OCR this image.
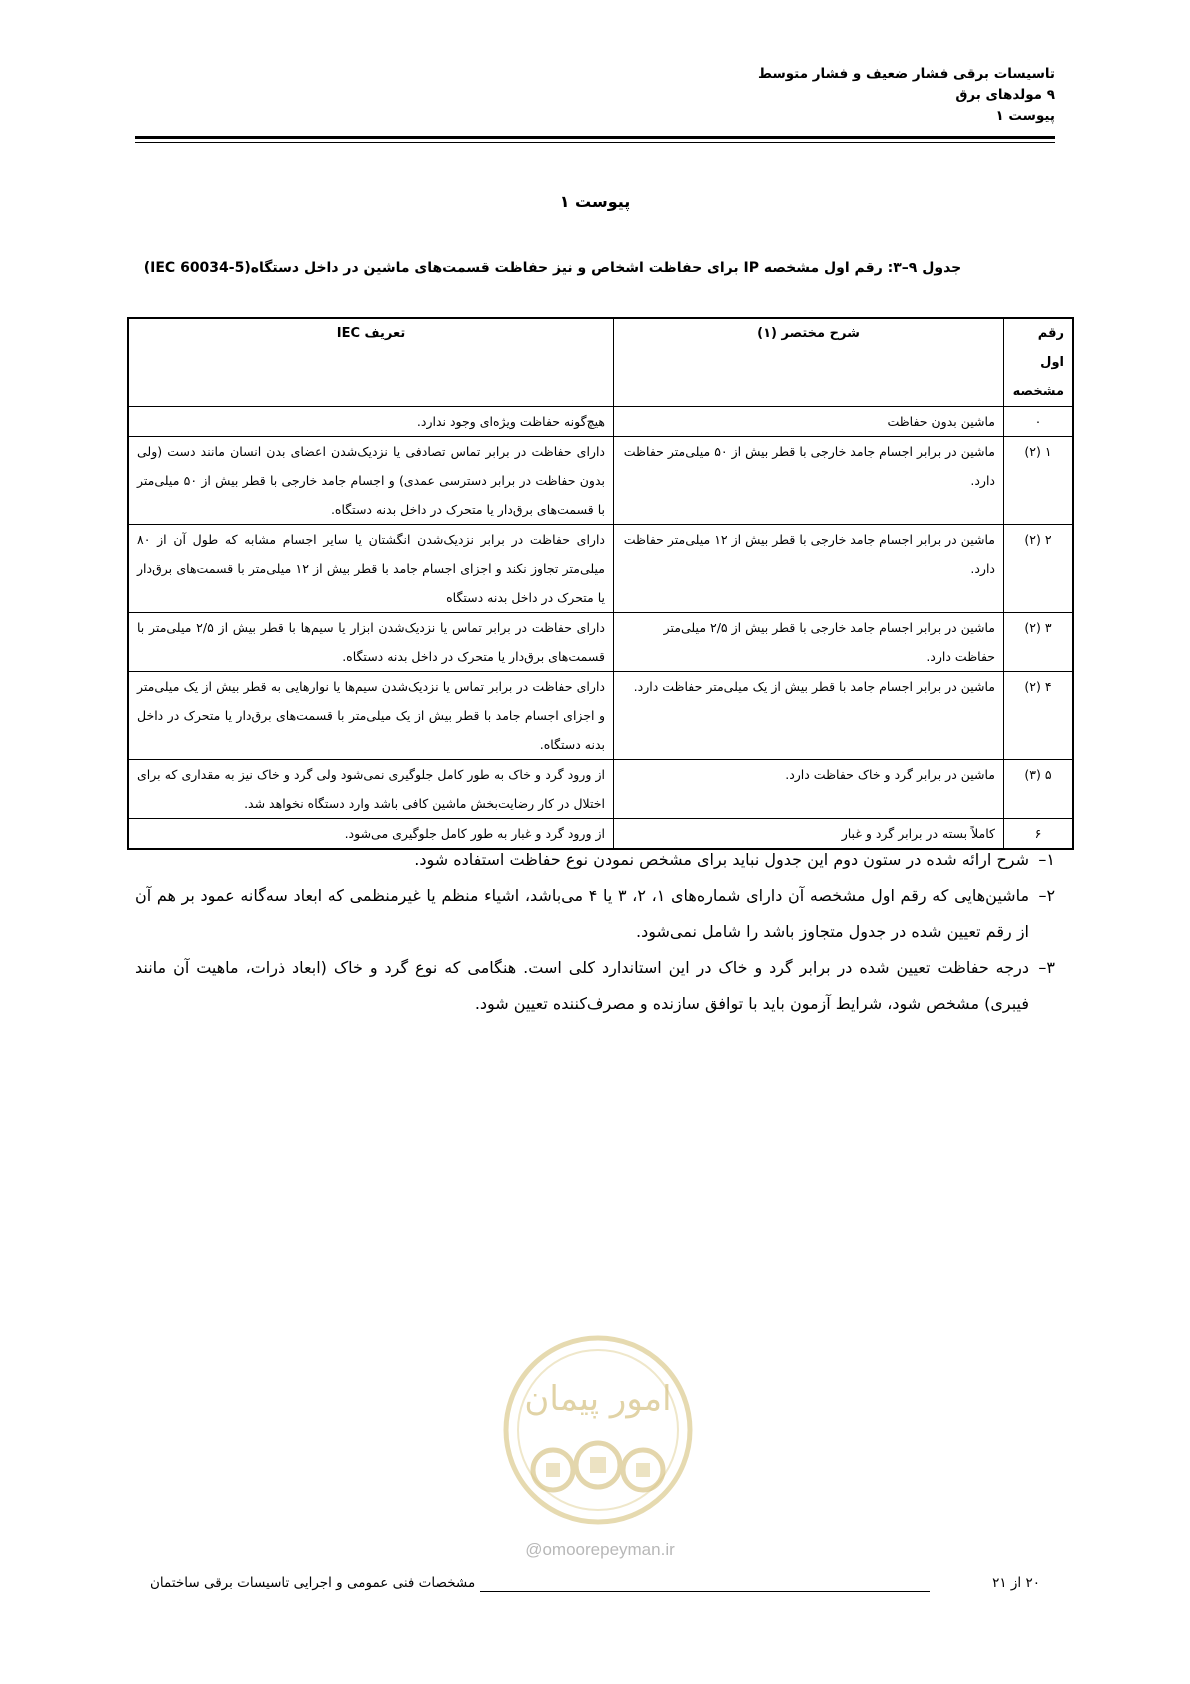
تاسیسات برقی فشار ضعیف و فشار متوسط
۹ مولدهای برق
پیوست ۱
پیوست ۱
جدول ۹–۳: رقم اول مشخصه IP برای حفاظت اشخاص و نیز حفاظت قسمت‌های ماشین در داخل دستگاه(IEC 60034-5)
رقم اول مشخصه	شرح مختصر (۱)	تعریف IEC
۰	ماشین بدون حفاظت	هیچ‌گونه حفاظت ویژه‌ای وجود ندارد.
۱ (۲)	ماشین در برابر اجسام جامد خارجی با قطر بیش از ۵۰ میلی‌متر حفاظت دارد.	دارای حفاظت در برابر تماس تصادفی یا نزدیک‌شدن اعضای بدن انسان مانند دست (ولی بدون حفاظت در برابر دسترسی عمدی) و اجسام جامد خارجی با قطر بیش از ۵۰ میلی‌متر با قسمت‌های برق‌دار یا متحرک در داخل بدنه دستگاه.
۲ (۲)	ماشین در برابر اجسام جامد خارجی با قطر بیش از ۱۲ میلی‌متر حفاظت دارد.	دارای حفاظت در برابر نزدیک‌شدن انگشتان یا سایر اجسام مشابه که طول آن از ۸۰ میلی‌متر تجاوز نکند و اجزای اجسام جامد با قطر بیش از ۱۲ میلی‌متر با قسمت‌های برق‌دار یا متحرک در داخل بدنه دستگاه
۳ (۲)	ماشین در برابر اجسام جامد خارجی با قطر بیش از ۲/۵ میلی‌متر حفاظت دارد.	دارای حفاظت در برابر تماس یا نزدیک‌شدن ابزار یا سیم‌ها با قطر بیش از ۲/۵ میلی‌متر با قسمت‌های برق‌دار یا متحرک در داخل بدنه دستگاه.
۴ (۲)	ماشین در برابر اجسام جامد با قطر بیش از یک میلی‌متر حفاظت دارد.	دارای حفاظت در برابر تماس یا نزدیک‌شدن سیم‌ها یا نوارهایی به قطر بیش از یک میلی‌متر و اجزای اجسام جامد با قطر بیش از یک میلی‌متر با قسمت‌های برق‌دار یا متحرک در داخل بدنه دستگاه.
۵ (۳)	ماشین در برابر گرد و خاک حفاظت دارد.	از ورود گرد و خاک به طور کامل جلوگیری نمی‌شود ولی گرد و خاک نیز به مقداری که برای اختلال در کار رضایت‌بخش ماشین کافی باشد وارد دستگاه نخواهد شد.
۶	کاملاً بسته در برابر گرد و غبار	از ورود گرد و غبار به طور کامل جلوگیری می‌شود.

۱–شرح ارائه شده در ستون دوم این جدول نباید برای مشخص نمودن نوع حفاظت استفاده شود.

۲–ماشین‌هایی که رقم اول مشخصه آن دارای شماره‌های ۱، ۲، ۳ یا ۴ می‌باشد، اشیاء منظم یا غیرمنظمی که ابعاد سه‌گانه عمود بر هم آن از رقم تعیین شده در جدول متجاوز باشد را شامل نمی‌شود.

۳–درجه حفاظت تعیین شده در برابر گرد و خاک در این استاندارد کلی است. هنگامی که نوع گرد و خاک (ابعاد ذرات، ماهیت آن مانند فیبری) مشخص شود، شرایط آزمون باید با توافق سازنده و مصرف‌کننده تعیین شود.

امور پیمان
@omoorepeyman.ir
۲۰ از ۲۱
مشخصات فنی عمومی و اجرایی تاسیسات برقی ساختمان
